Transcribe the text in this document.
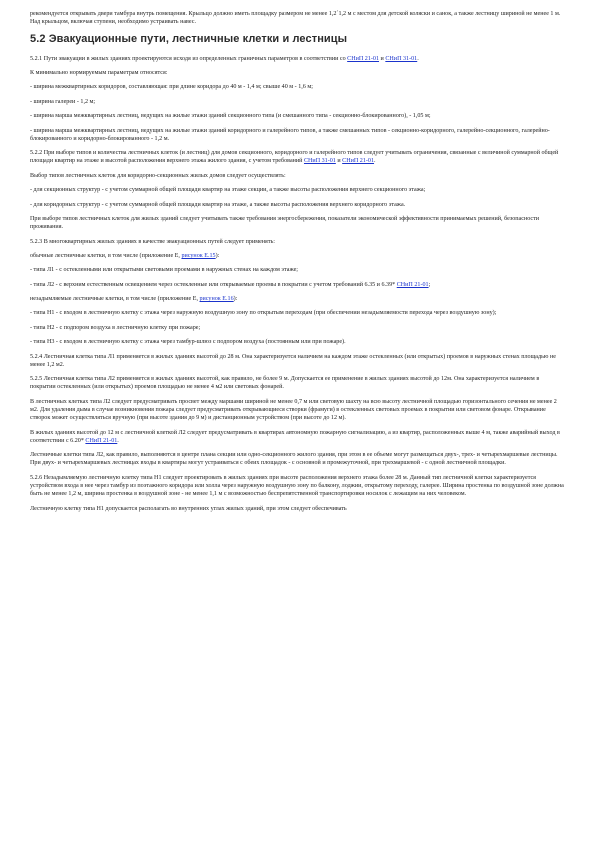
рекомендуется открывать двери тамбура внутрь помещения. Крыльцо должно иметь площадку размером не менее 1,2´1,2 м с местом для детской коляски и санок, а также лестницу шириной не менее 1 м. Над крыльцом, включая ступени, необходимо устраивать навес.

5.2 Эвакуационные пути, лестничные клетки и лестницы

5.2.1 Пути эвакуации в жилых зданиях проектируются исходя из определенных граничных параметров в соответствии со СНиП 21-01 и СНиП 31-01.

К минимально нормируемым параметрам относятся:

- ширина межквартирных коридоров, составляющая: при длине коридора до 40 м - 1,4 м; свыше 40 м - 1,6 м;

- ширина галереи - 1,2 м;

- ширина марша межквартирных лестниц, ведущих на жилые этажи зданий секционного типа (и смешанного типа - секционно-блокированного), - 1,05 м;

- ширина марша межквартирных лестниц, ведущих на жилые этажи зданий коридорного и галерейного типов, а также смешанных типов - секционно-коридорного, галерейно-секционного, галерейно-блокированного и коридорно-блокированного - 1,2 м.

5.2.2 При выборе типов и количества лестничных клеток (и лестниц) для домов секционного, коридорного и галерейного типов следует учитывать ограничения, связанные с величиной суммарной общей площади квартир на этаже и высотой расположения верхнего этажа жилого здания, с учетом требований СНиП 31-01 и СНиП 21-01.

Выбор типов лестничных клеток для коридорно-секционных жилых домов следует осуществлять:

- для секционных структур - с учетом суммарной общей площади квартир на этаже секции, а также высоты расположения верхнего секционного этажа;

- для коридорных структур - с учетом суммарной общей площади квартир на этаже, а также высоты расположения верхнего коридорного этажа.

При выборе типов лестничных клеток для жилых зданий следует учитывать также требования энергосбережения, показатели экономической эффективности принимаемых решений, безопасности проживания.

5.2.3 В многоквартирных жилых зданиях в качестве эвакуационных путей следует применять:

обычные лестничные клетки, в том числе (приложение Е, рисунок Е.15):

- типа Л1 - с остекленными или открытыми световыми проемами в наружных стенах на каждом этаже;

- типа Л2 - с верхним естественным освещением через остекленные или открываемые проемы в покрытии с учетом требований 6.35 и 6.39* СНиП 21-01;

незадымляемые лестничные клетки, в том числе (приложение Е, рисунок Е.16):

- типа Н1 - с входом в лестничную клетку с этажа через наружную воздушную зону по открытым переходам (при обеспечении незадымляемости перехода через воздушную зону);

- типа Н2 - с подпором воздуха в лестничную клетку при пожаре;

- типа Н3 - с входом в лестничную клетку с этажа через тамбур-шлюз с подпором воздуха (постоянным или при пожаре).

5.2.4 Лестничная клетка типа Л1 применяется в жилых зданиях высотой до 28 м. Она характеризуется наличием на каждом этаже остекленных (или открытых) проемов в наружных стенах площадью не менее 1,2 м2.

5.2.5 Лестничная клетка типа Л2 применяется в жилых зданиях высотой, как правило, не более 9 м. Допускается ее применение в жилых зданиях высотой до 12м. Она характеризуется наличием в покрытии остекленных (или открытых) проемов площадью не менее 4 м2 или световых фонарей.

В лестничных клетках типа Л2 следует предусматривать просвет между маршами шириной не менее 0,7 м или световую шахту на всю высоту лестничной площадью горизонтального сечения не менее 2 м2. Для удаления дыма в случае возникновения пожара следует предусматривать открывающиеся створки (фрамуги) в остекленных световых проемах в покрытии или световом фонаре. Открывание створок может осуществляться вручную (при высоте здания до 9 м) и дистанционным устройством (при высоте до 12 м).

В жилых зданиях высотой до 12 м с лестничной клеткой Л2 следует предусматривать в квартирах автономную пожарную сигнализацию, а из квартир, расположенных выше 4 м, также аварийный выход в соответствии с 6.20* СНиП 21-01.

Лестничные клетки типа Л2, как правило, выполняются в центре плана секции или одно-секционного жилого здания, при этом в ее объеме могут размещаться двух-, трех- и четырехмаршевые лестницы. При двух- и четырехмаршевых лестницах входы в квартиры могут устраиваться с обеих площадок - с основной и промежуточной, при трехмаршевой - с одной лестничной площадки.

5.2.6 Незадымляемую лестничную клетку типа Н1 следует проектировать в жилых зданиях при высоте расположения верхнего этажа более 28 м. Данный тип лестничной клетки характеризуется устройством входа в нее через тамбур из поэтажного коридора или холла через наружную воздушную зону по балкону, лоджии, открытому переходу, галерее. Ширина простенка по воздушной зоне должна быть не менее 1,2 м, ширина простенка в воздушной зоне - не менее 1,1 м с возможностью беспрепятственной транспортировки носилок с лежащим на них человеком.

Лестничную клетку типа Н1 допускается располагать во внутренних углах жилых зданий, при этом следует обеспечивать
